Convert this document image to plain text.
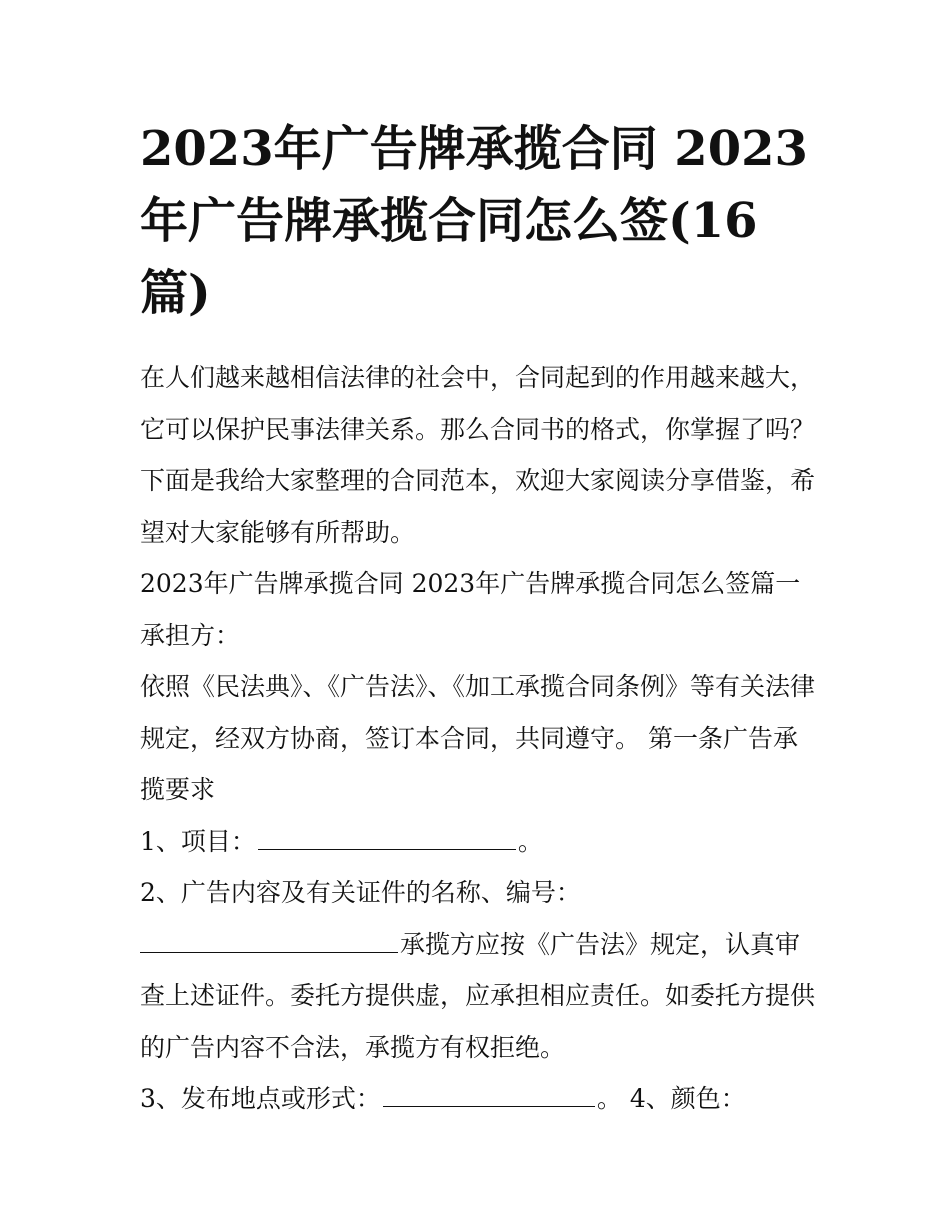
2023年广告牌承揽合同 2023年广告牌承揽合同怎么签(16篇)

在人们越来越相信法律的社会中，合同起到的作用越来越大，它可以保护民事法律关系。那么合同书的格式，你掌握了吗？下面是我给大家整理的合同范本，欢迎大家阅读分享借鉴，希望对大家能够有所帮助。

2023年广告牌承揽合同 2023年广告牌承揽合同怎么签篇一 承担方：

依照《民法典》、《广告法》、《加工承揽合同条例》等有关法律规定，经双方协商，签订本合同，共同遵守。 第一条广告承揽要求

1、项目：	。

2、广告内容及有关证件的名称、编号：

承揽方应按《广告法》规定，认真审查上述证件。委托方提供虚，应承担相应责任。如委托方提供的广告内容不合法，承揽方有权拒绝。

3、发布地点或形式：	。 4、颜色：
